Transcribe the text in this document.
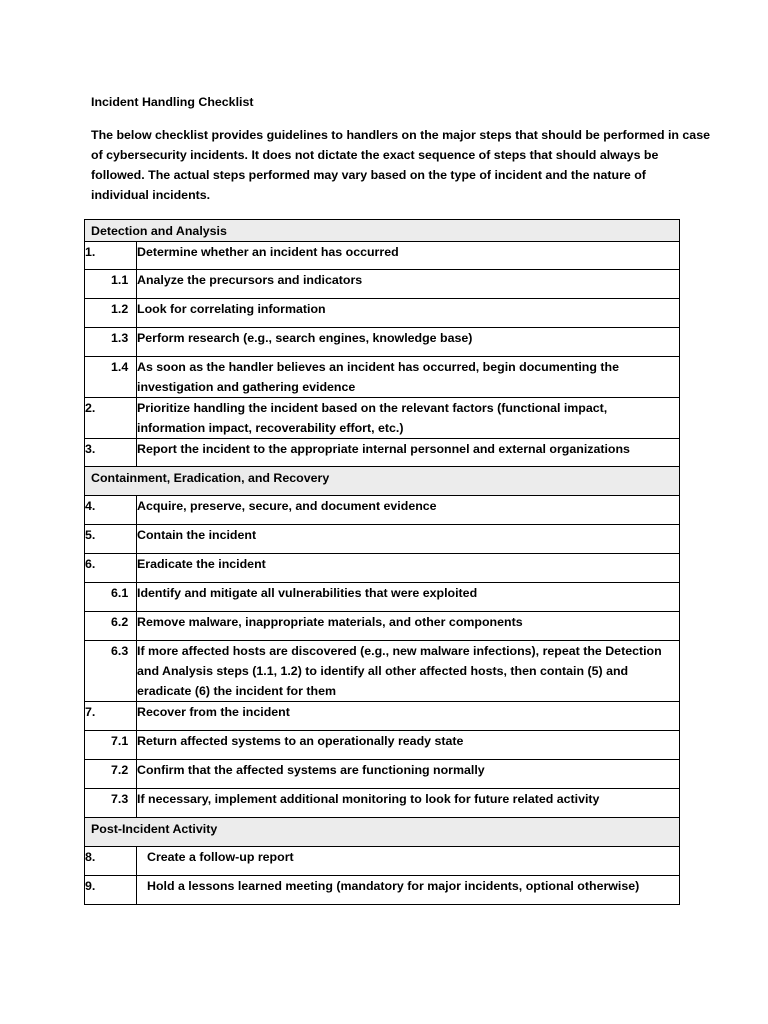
Incident Handling Checklist

The below checklist provides guidelines to handlers on the major steps that should be performed in case
of cybersecurity incidents. It does not dictate the exact sequence of steps that should always be
followed. The actual steps performed may vary based on the type of incident and the nature of
individual incidents.

Detection and Analysis	
1.	Determine whether an incident has occurred
1.1	Analyze the precursors and indicators
1.2	Look for correlating information
1.3	Perform research (e.g., search engines, knowledge base)
1.4	As soon as the handler believes an incident has occurred, begin documenting the
investigation and gathering evidence

2.	Prioritize handling the incident based on the relevant factors (functional impact,
information impact, recoverability effort, etc.)

3.	Report the incident to the appropriate internal personnel and external organizations
Containment, Eradication, and Recovery	
4.	Acquire, preserve, secure, and document evidence
5.	Contain the incident
6.	Eradicate the incident
6.1	Identify and mitigate all vulnerabilities that were exploited
6.2	Remove malware, inappropriate materials, and other components
6.3	If more affected hosts are discovered (e.g., new malware infections), repeat the Detection
and Analysis steps (1.1, 1.2) to identify all other affected hosts, then contain (5) and
eradicate (6) the incident for them

7.	Recover from the incident
7.1	Return affected systems to an operationally ready state
7.2	Confirm that the affected systems are functioning normally
7.3	If necessary, implement additional monitoring to look for future related activity
Post-Incident Activity	
8.	Create a follow-up report
9.	Hold a lessons learned meeting (mandatory for major incidents, optional otherwise)
